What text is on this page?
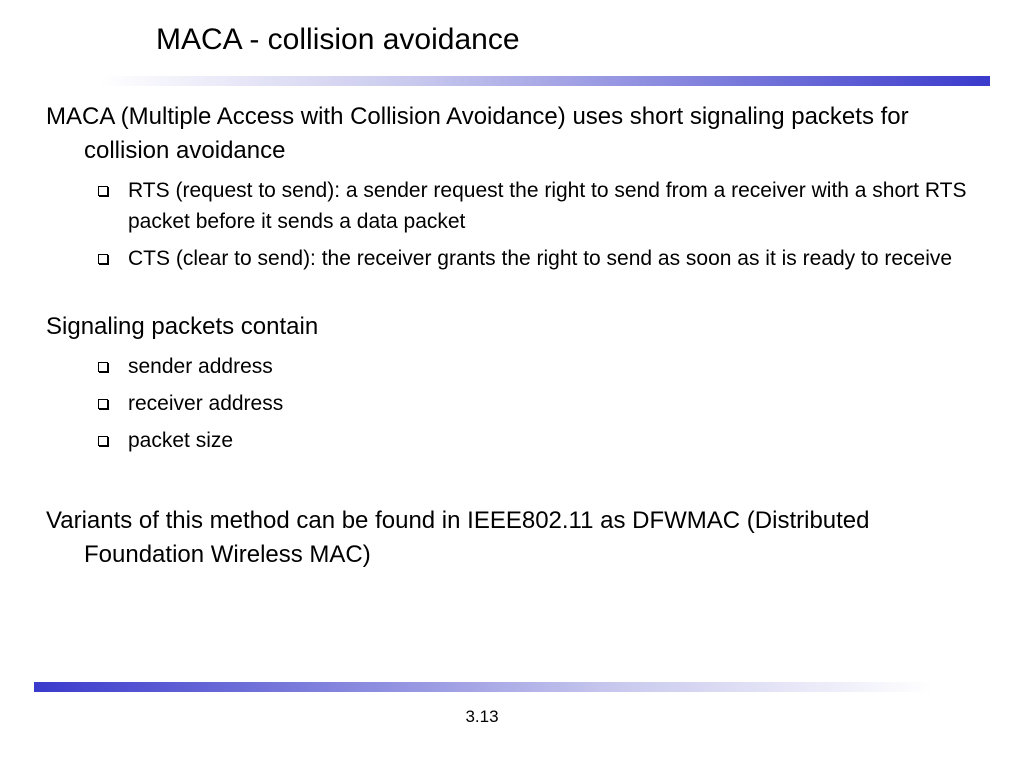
MACA - collision avoidance

MACA (Multiple Access with Collision Avoidance) uses short signaling packets for collision avoidance

RTS (request to send): a sender request the right to send from a receiver with a short RTS packet before it sends a data packet
CTS (clear to send): the receiver grants the right to send as soon as it is ready to receive

Signaling packets contain

sender address
receiver address
packet size

Variants of this method can be found in IEEE802.11 as DFWMAC (Distributed Foundation Wireless MAC)

3.13
